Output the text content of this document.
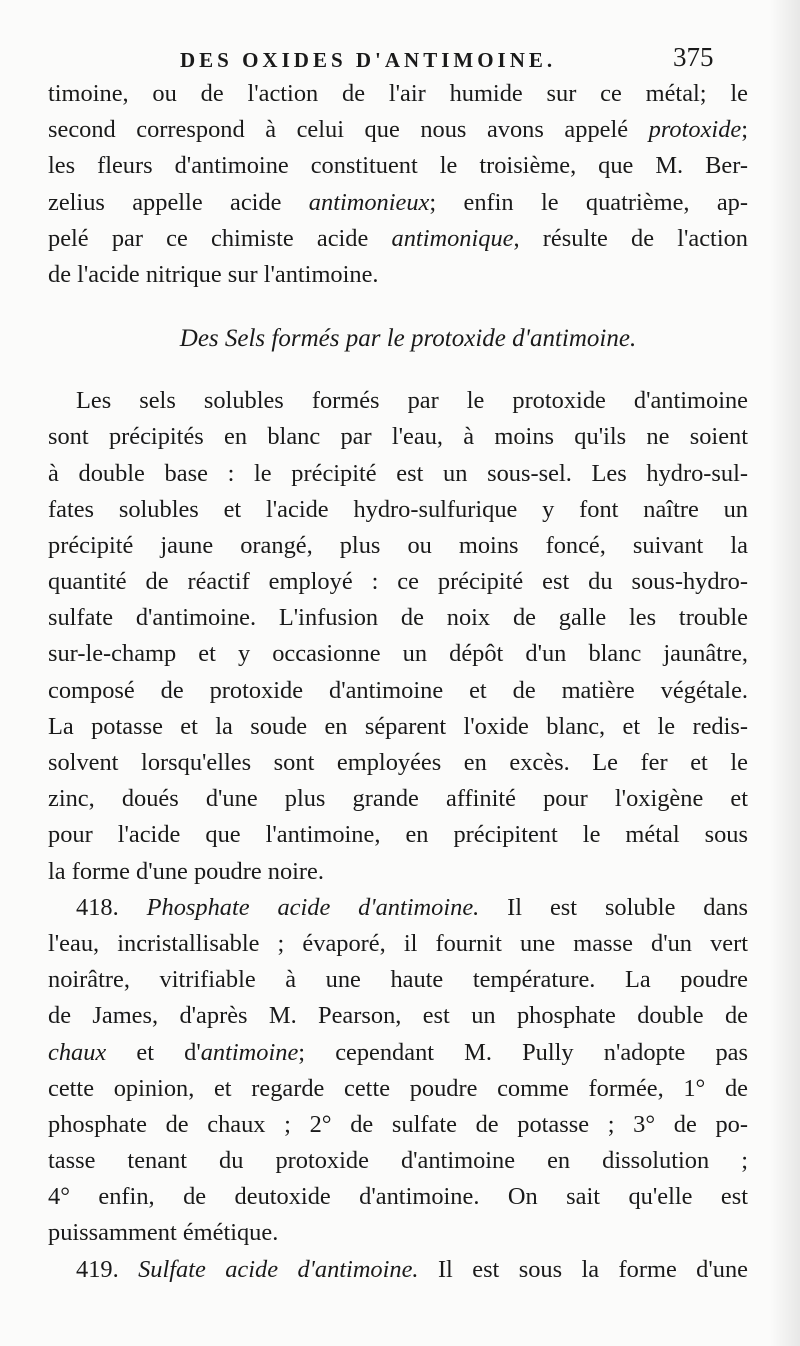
DES OXIDES D'ANTIMOINE.	375
timoine, ou de l'action de l'air humide sur ce métal; le
second correspond à celui que nous avons appelé protoxide;
les fleurs d'antimoine constituent le troisième, que M. Ber-
zelius appelle acide antimonieux; enfin le quatrième, ap-
pelé par ce chimiste acide antimonique, résulte de l'action
de l'acide nitrique sur l'antimoine.
Des Sels formés par le protoxide d'antimoine.
Les sels solubles formés par le protoxide d'antimoine
sont précipités en blanc par l'eau, à moins qu'ils ne soient
à double base : le précipité est un sous-sel. Les hydro-sul-
fates solubles et l'acide hydro-sulfurique y font naître un
précipité jaune orangé, plus ou moins foncé, suivant la
quantité de réactif employé : ce précipité est du sous-hydro-
sulfate d'antimoine. L'infusion de noix de galle les trouble
sur-le-champ et y occasionne un dépôt d'un blanc jaunâtre,
composé de protoxide d'antimoine et de matière végétale.
La potasse et la soude en séparent l'oxide blanc, et le redis-
solvent lorsqu'elles sont employées en excès. Le fer et le
zinc, doués d'une plus grande affinité pour l'oxigène et
pour l'acide que l'antimoine, en précipitent le métal sous
la forme d'une poudre noire.
418. Phosphate acide d'antimoine. Il est soluble dans
l'eau, incristallisable ; évaporé, il fournit une masse d'un vert
noirâtre, vitrifiable à une haute température. La poudre
de James, d'après M. Pearson, est un phosphate double de
chaux et d'antimoine; cependant M. Pully n'adopte pas
cette opinion, et regarde cette poudre comme formée, 1° de
phosphate de chaux ; 2° de sulfate de potasse ; 3° de po-
tasse tenant du protoxide d'antimoine en dissolution ;
4° enfin, de deutoxide d'antimoine. On sait qu'elle est
puissamment émétique.
419. Sulfate acide d'antimoine. Il est sous la forme d'une
